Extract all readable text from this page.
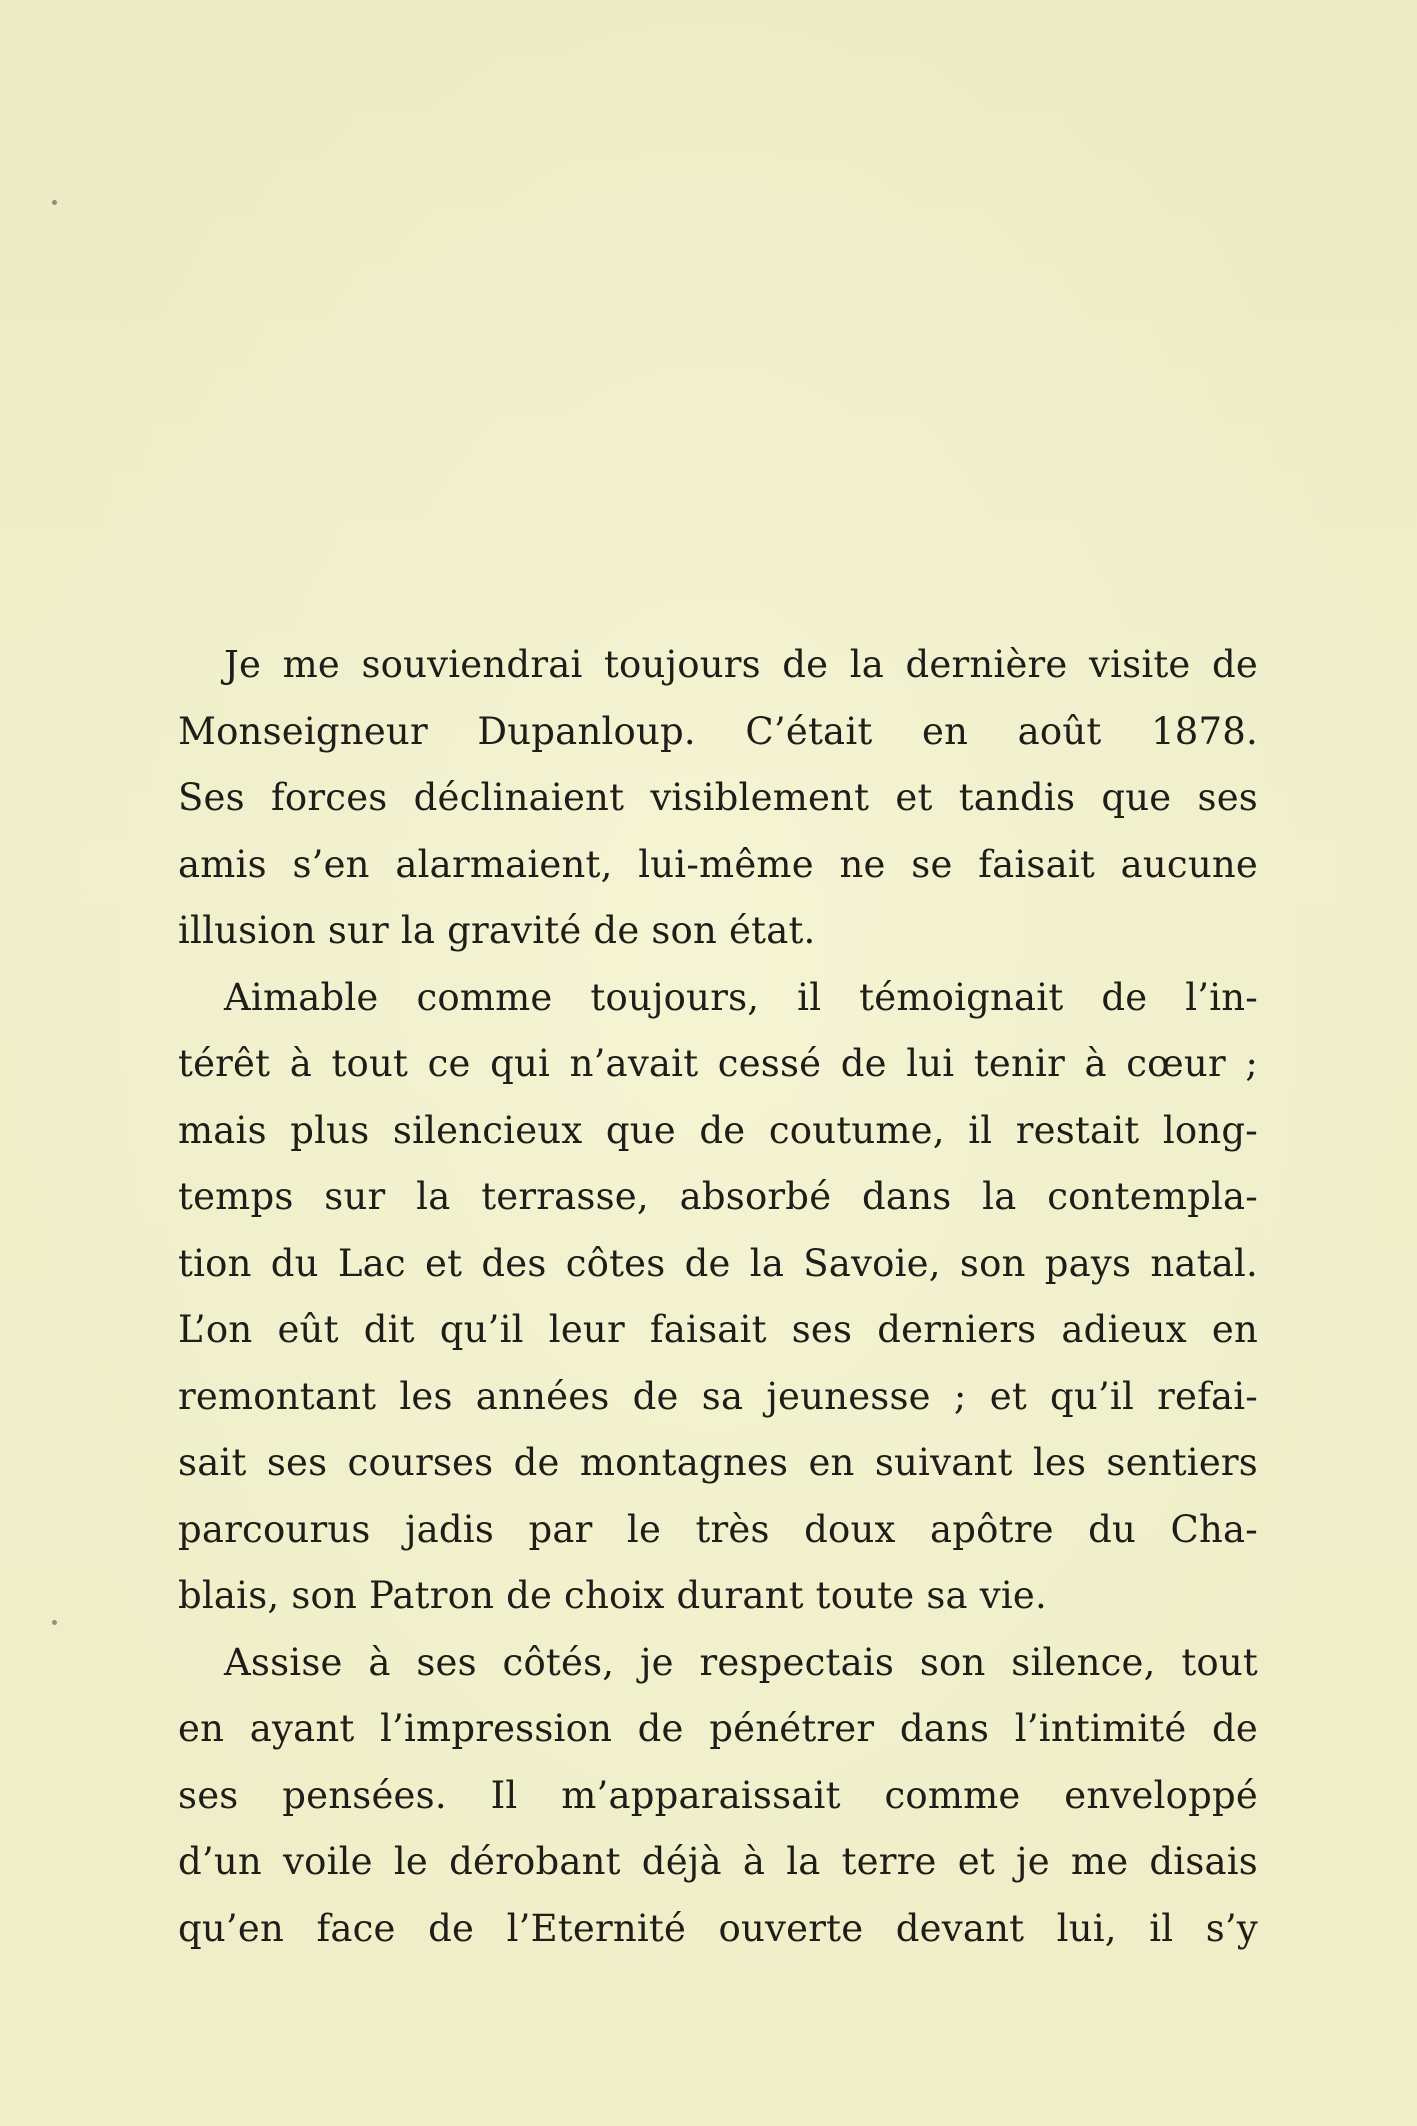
Je me souviendrai toujours de la dernière visite de
Monseigneur Dupanloup. C’était en août 1878.
Ses forces déclinaient visiblement et tandis que ses
amis s’en alarmaient, lui-même ne se faisait aucune
illusion sur la gravité de son état.
Aimable comme toujours, il témoignait de l’in-
térêt à tout ce qui n’avait cessé de lui tenir à cœur ;
mais plus silencieux que de coutume, il restait long-
temps sur la terrasse, absorbé dans la contempla-
tion du Lac et des côtes de la Savoie, son pays natal.
L’on eût dit qu’il leur faisait ses derniers adieux en
remontant les années de sa jeunesse ; et qu’il refai-
sait ses courses de montagnes en suivant les sentiers
parcourus jadis par le très doux apôtre du Cha-
blais, son Patron de choix durant toute sa vie.
Assise à ses côtés, je respectais son silence, tout
en ayant l’impression de pénétrer dans l’intimité de
ses pensées. Il m’apparaissait comme enveloppé
d’un voile le dérobant déjà à la terre et je me disais
qu’en face de l’Eternité ouverte devant lui, il s’y
